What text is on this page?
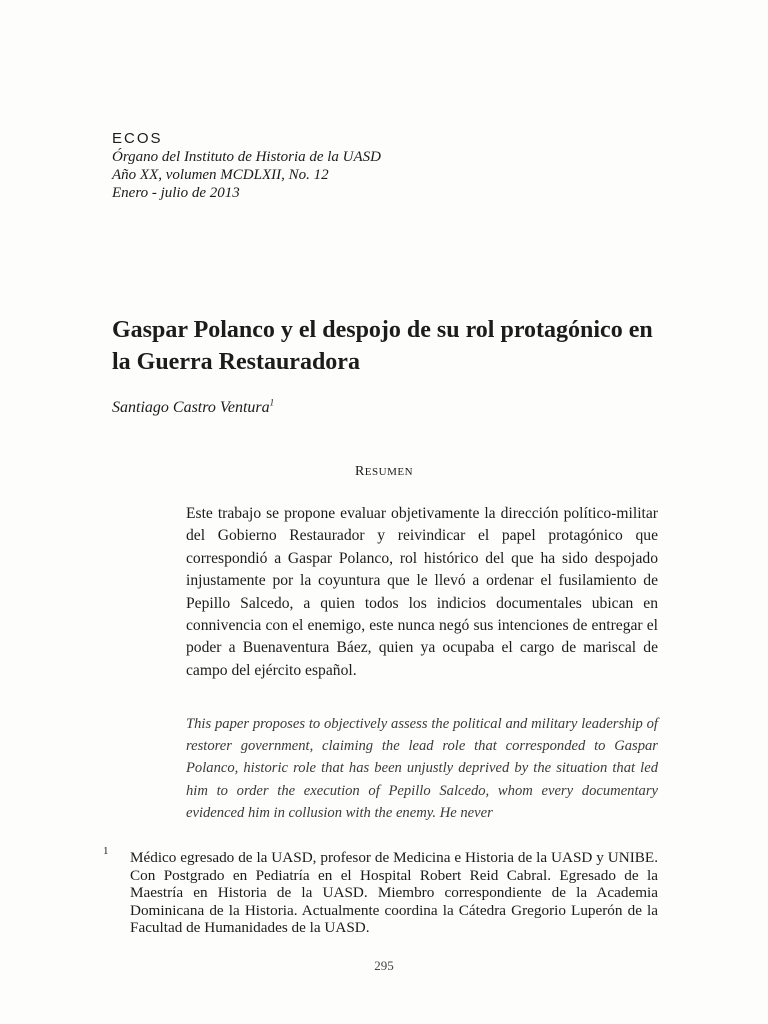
ECOS

Órgano del Instituto de Historia de la UASD

Año XX, volumen MCDLXII, No. 12

Enero - julio de 2013

Gaspar Polanco y el despojo de su rol protagónico en la Guerra Restauradora

Santiago Castro Ventura$^1$

RESUMEN

Este trabajo se propone evaluar objetivamente la dirección político-militar del Gobierno Restaurador y reivindicar el papel protagónico que correspondió a Gaspar Polanco, rol histórico del que ha sido despojado injustamente por la coyuntura que le llevó a ordenar el fusilamiento de Pepillo Salcedo, a quien todos los indicios documentales ubican en connivencia con el enemigo, este nunca negó sus intenciones de entregar el poder a Buenaventura Báez, quien ya ocupaba el cargo de mariscal de campo del ejército español.

This paper proposes to objectively assess the political and military leadership of restorer government, claiming the lead role that corresponded to Gaspar Polanco, historic role that has been unjustly deprived by the situation that led him to order the execution of Pepillo Salcedo, whom every documentary evidenced him in collusion with the enemy. He never

1 Médico egresado de la UASD, profesor de Medicina e Historia de la UASD y UNIBE. Con Postgrado en Pediatría en el Hospital Robert Reid Cabral. Egresado de la Maestría en Historia de la UASD. Miembro correspondiente de la Academia Dominicana de la Historia. Actualmente coordina la Cátedra Gregorio Luperón de la Facultad de Humanidades de la UASD.

295
